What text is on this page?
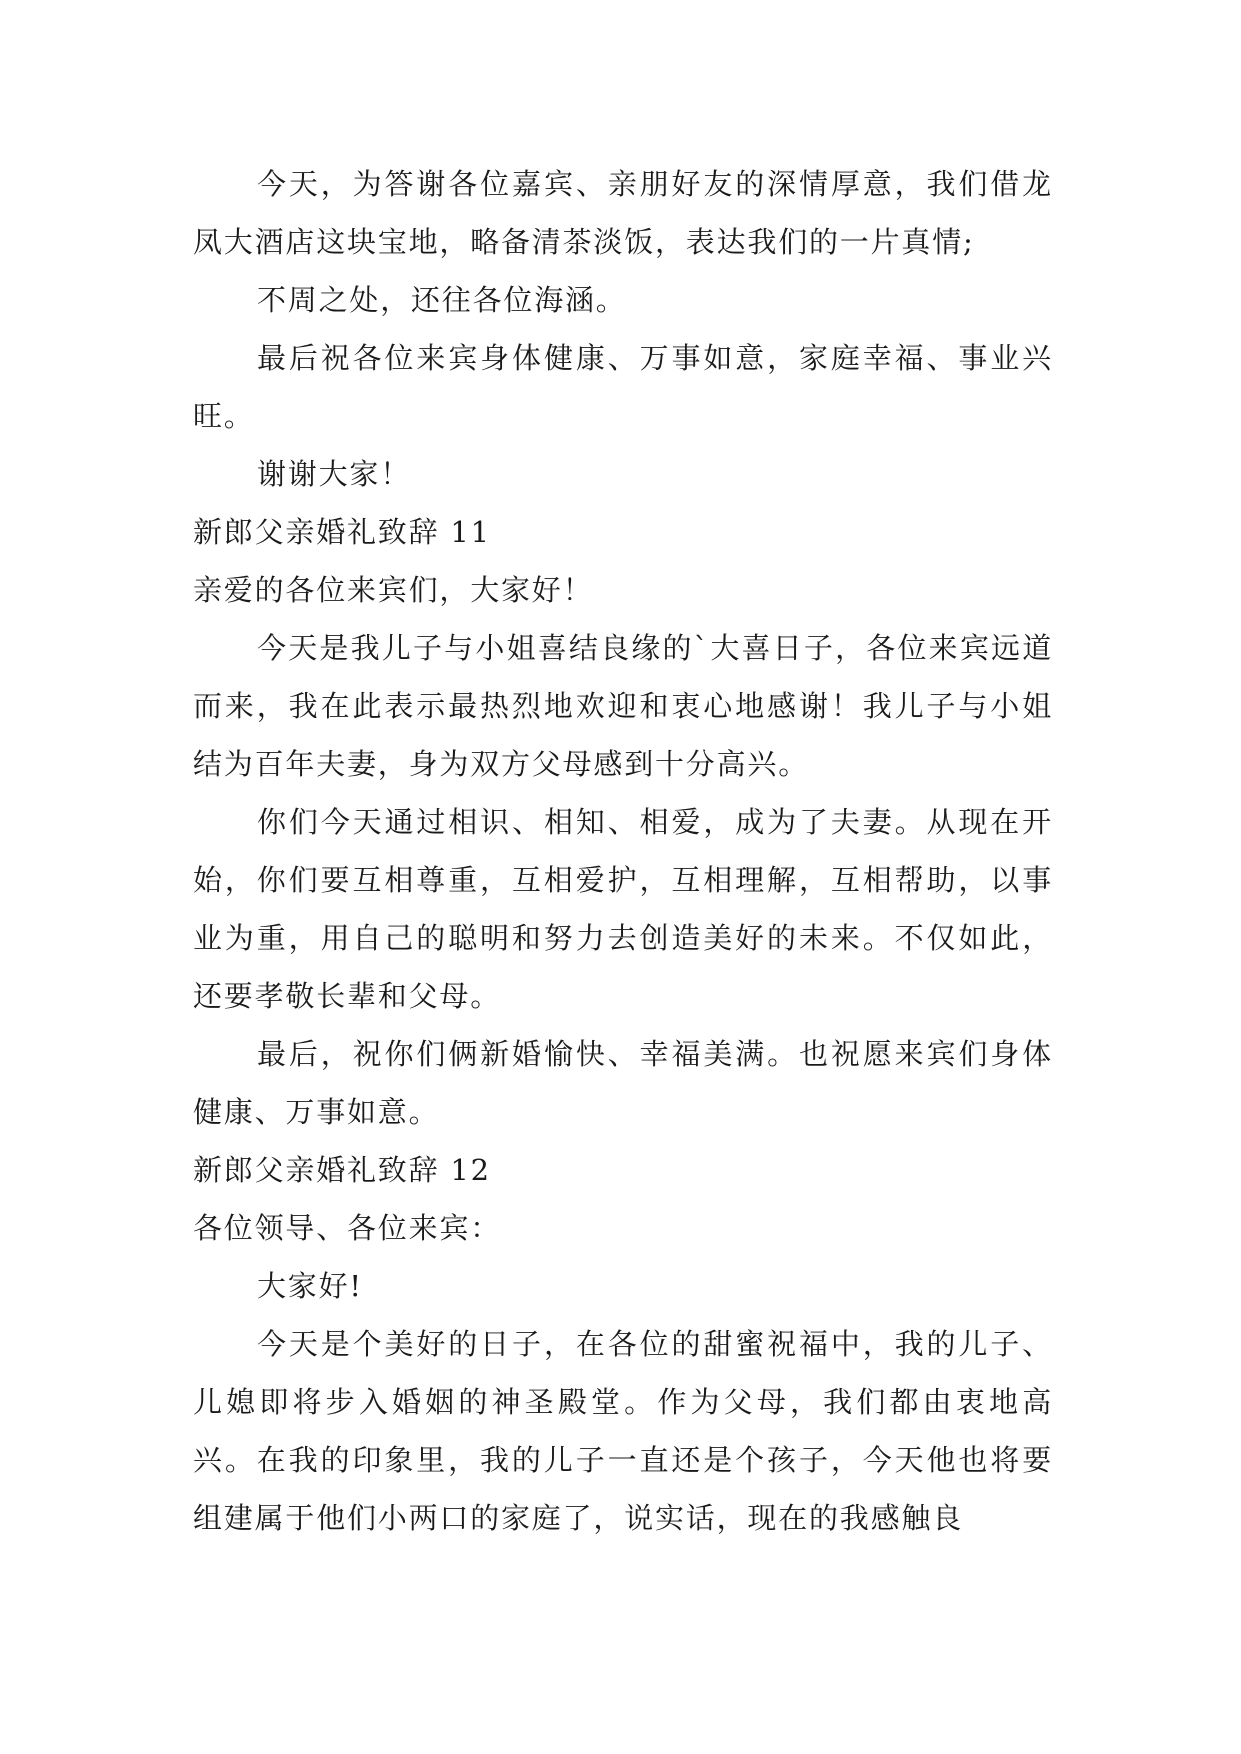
今天，为答谢各位嘉宾、亲朋好友的深情厚意，我们借龙凤大酒店这块宝地，略备清茶淡饭，表达我们的一片真情;

不周之处，还往各位海涵。

最后祝各位来宾身体健康、万事如意，家庭幸福、事业兴旺。

谢谢大家！

新郎父亲婚礼致辞 11

亲爱的各位来宾们，大家好！

今天是我儿子与小姐喜结良缘的`大喜日子，各位来宾远道而来，我在此表示最热烈地欢迎和衷心地感谢！我儿子与小姐结为百年夫妻，身为双方父母感到十分高兴。

你们今天通过相识、相知、相爱，成为了夫妻。从现在开始，你们要互相尊重，互相爱护，互相理解，互相帮助，以事业为重，用自己的聪明和努力去创造美好的未来。不仅如此，还要孝敬长辈和父母。

最后，祝你们俩新婚愉快、幸福美满。也祝愿来宾们身体健康、万事如意。

新郎父亲婚礼致辞 12

各位领导、各位来宾：

大家好!

今天是个美好的日子，在各位的甜蜜祝福中，我的儿子、儿媳即将步入婚姻的神圣殿堂。作为父母，我们都由衷地高兴。在我的印象里，我的儿子一直还是个孩子，今天他也将要组建属于他们小两口的家庭了，说实话，现在的我感触良
